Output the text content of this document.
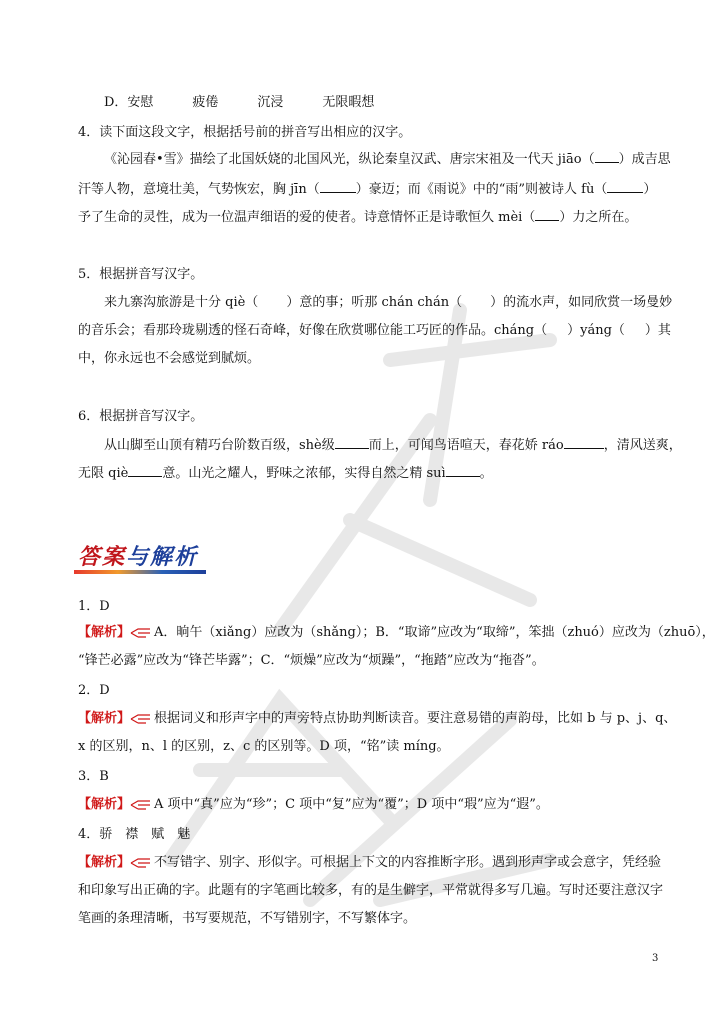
D．安慰　　　疲倦　　　沉浸　　　无限暇想
4．读下面这段文字，根据括号前的拼音写出相应的汉字。
《沁园春•雪》描绘了北国妖娆的北国风光，纵论秦皇汉武、唐宗宋祖及一代天 jiāo（ ）成吉思
汗等人物，意境壮美，气势恢宏，胸 jīn（	）豪迈；而《雨说》中的“雨”则被诗人 fù（	）
予了生命的灵性，成为一位温声细语的爱的使者。诗意情怀正是诗歌恒久 mèi（ ）力之所在。
5．根据拼音写汉字。
来九寨沟旅游是十分 qiè（ ）意的事；听那 chán chán（ ）的流水声，如同欣赏一场曼妙
的音乐会；看那玲珑剔透的怪石奇峰，好像在欣赏哪位能工巧匠的作品。cháng（ ）yáng（ ）其
中，你永远也不会感觉到腻烦。
6．根据拼音写汉字。
从山脚至山顶有精巧台阶数百级，shè级	而上，可闻鸟语喧天，春花娇 ráo	，清风送爽，
无限 qiè	意。山光之耀人，野味之浓郁，实得自然之精 suì	。
答案与解析
1．D
【解析】 A．晌午（xiǎng）应改为（shǎng）；B．“取谛”应改为“取缔”，笨拙（zhuó）应改为（zhuō），
“锋芒必露”应改为“锋芒毕露”；C．“烦燥”应改为“烦躁”，“拖踏”应改为“拖沓”。
2．D
【解析】 根据词义和形声字中的声旁特点协助判断读音。要注意易错的声韵母，比如 b 与 p、j、q、
x 的区别，n、l 的区别，z、c 的区别等。D 项，“铭”读 míng。
3．B
【解析】 A 项中“真”应为“珍”；C 项中“复”应为“覆”；D 项中“瑕”应为“遐”。
4．骄　襟　赋　魅
【解析】 不写错字、别字、形似字。可根据上下文的内容推断字形。遇到形声字或会意字，凭经验
和印象写出正确的字。此题有的字笔画比较多，有的是生僻字，平常就得多写几遍。写时还要注意汉字
笔画的条理清晰，书写要规范，不写错别字，不写繁体字。
3
